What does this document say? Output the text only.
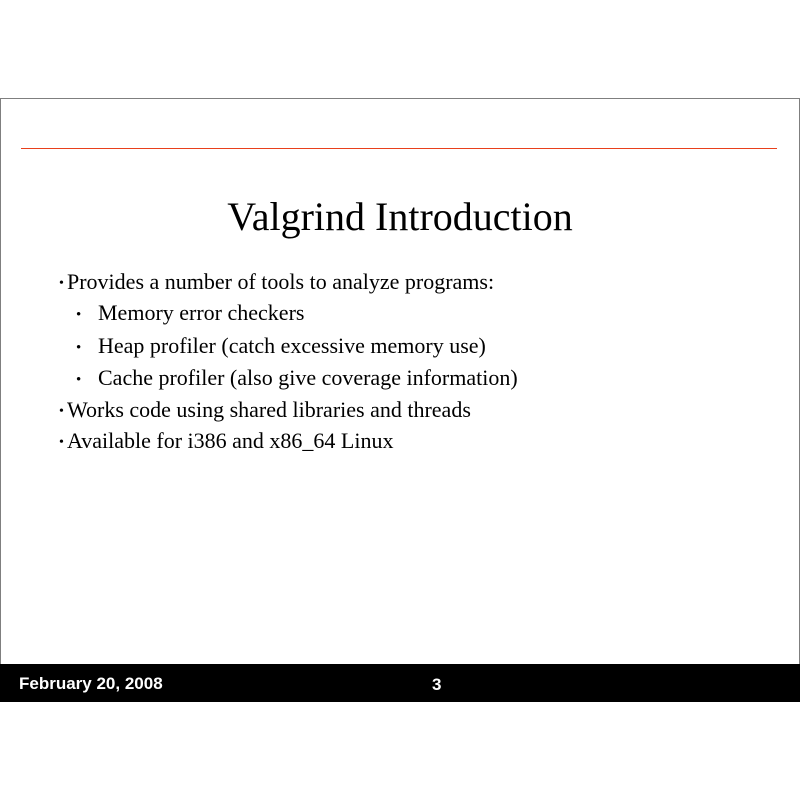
Valgrind Introduction
• Provides a number of tools to analyze programs:
• Memory error checkers
• Heap profiler (catch excessive memory use)
• Cache profiler (also give coverage information)
• Works code using shared libraries and threads
• Available for i386 and x86_64 Linux
February 20, 2008	3
